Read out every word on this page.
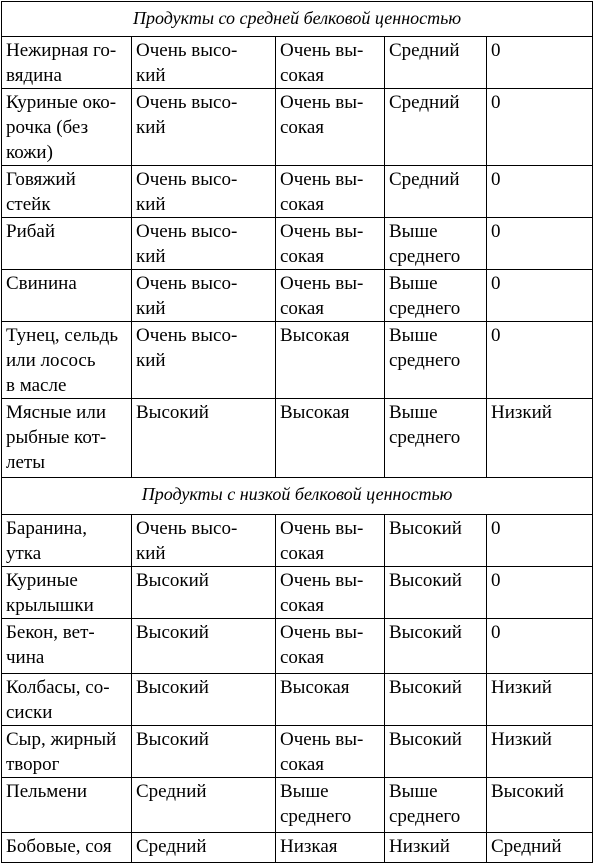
Продукты со средней белковой ценностью				

Нежирная го-
вядина	Очень высо-
кий	Очень вы-
сокая	Средний	0

Куриные око-
рочка (без
кожи)	Очень высо-
кий	Очень вы-
сокая	Средний	0

Говяжий
стейк	Очень высо-
кий	Очень вы-
сокая	Средний	0

Рибай	Очень высо-
кий	Очень вы-
сокая	Выше
среднего	0

Свинина	Очень высо-
кий	Очень вы-
сокая	Выше
среднего	0

Тунец, сельдь
или лосось
в масле	Очень высо-
кий	Высокая	Выше
среднего	0

Мясные или
рыбные кот-
леты	Высокий	Высокая	Выше
среднего	Низкий

Продукты с низкой белковой ценностью				

Баранина,
утка	Очень высо-
кий	Очень вы-
сокая	Высокий	0

Куриные
крылышки	Высокий	Очень вы-
сокая	Высокий	0

Бекон, вет-
чина	Высокий	Очень вы-
сокая	Высокий	0

Колбасы, со-
сиски	Высокий	Высокая	Высокий	Низкий

Сыр, жирный
творог	Высокий	Очень вы-
сокая	Высокий	Низкий

Пельмени	Средний	Выше
среднего	Выше
среднего	Высокий

Бобовые, соя	Средний	Низкая	Низкий	Средний
